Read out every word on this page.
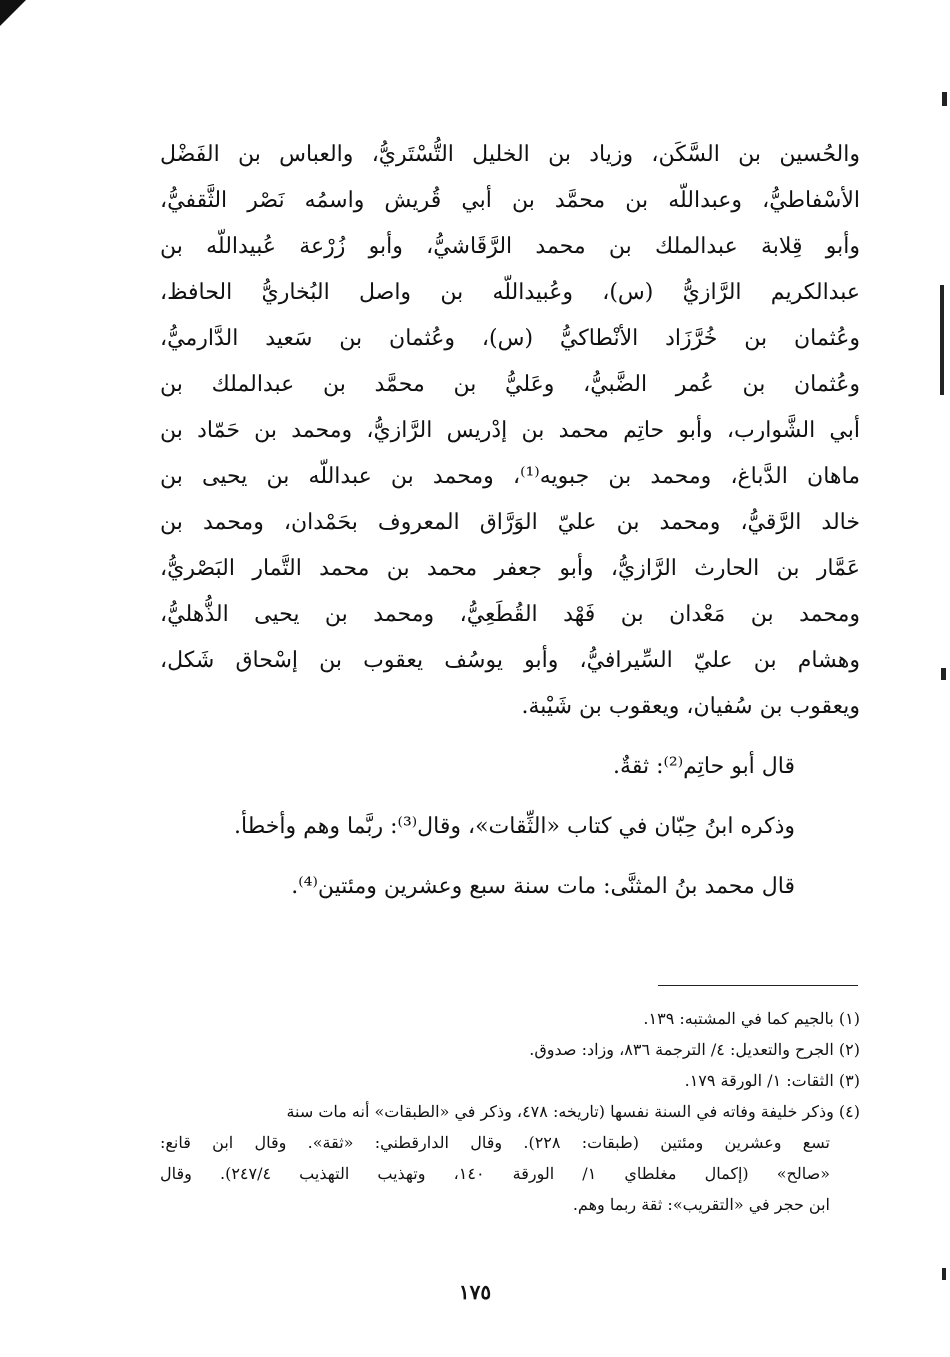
والحُسين بن السَّكَن، وزياد بن الخليل التُّسْتَريُّ، والعباس بن الفَضْل
الأسْفاطيُّ، وعبداللّه بن محمَّد بن أبي قُريش واسمُه نَصْر الثَّقفيُّ،
وأبو قِلابة عبدالملك بن محمد الرَّقَاشيُّ، وأبو زُرْعة عُبيداللّه بن
عبدالكريم الرَّازيُّ (س)، وعُبيداللّه بن واصل البُخاريُّ الحافظ،
وعُثمان بن خُرَّزَاد الأنْطاكيُّ (س)، وعُثمان بن سَعيد الدَّارميُّ،
وعُثمان بن عُمر الضَّبيُّ، وعَليُّ بن محمَّد بن عبدالملك بن
أبي الشَّوارب، وأبو حاتِم محمد بن إدْريس الرَّازيُّ، ومحمد بن حَمّاد بن
ماهان الدَّباغ، ومحمد بن جبويه⁽¹⁾، ومحمد بن عبداللّه بن يحيى بن
خالد الرَّقيُّ، ومحمد بن عليّ الوَرَّاق المعروف بحَمْدان، ومحمد بن
عَمَّار بن الحارث الرَّازيُّ، وأبو جعفر محمد بن محمد التَّمار البَصْريُّ،
ومحمد بن مَعْدان بن فَهْد القُطَعِيُّ، ومحمد بن يحيى الذُّهليُّ،
وهشام بن عليّ السِّيرافيُّ، وأبو يوسُف يعقوب بن إسْحاق شَكل،
ويعقوب بن سُفيان، ويعقوب بن شَيْبة.
قال أبو حاتِم⁽²⁾: ثقةٌ.
وذكره ابنُ حِبّان في كتاب «الثِّقات»، وقال⁽³⁾: ربَّما وهم وأخطأ.
قال محمد بنُ المثنَّى: مات سنة سبع وعشرين ومئتين⁽⁴⁾.
(١) بالجيم كما في المشتبه: ١٣٩.
(٢) الجرح والتعديل: ٤/ الترجمة ٨٣٦، وزاد: صدوق.
(٣) الثقات: ١/ الورقة ١٧٩.
(٤) وذكر خليفة وفاته في السنة نفسها (تاريخه: ٤٧٨، وذكر في «الطبقات» أنه مات سنة
تسع وعشرين ومئتين (طبقات: ٢٢٨). وقال الدارقطني: «ثقة». وقال ابن قانع:
«صالح» (إكمال مغلطاي ١/ الورقة ١٤٠، وتهذيب التهذيب ٢٤٧/٤). وقال
ابن حجر في «التقريب»: ثقة ربما وهم.
١٧٥
